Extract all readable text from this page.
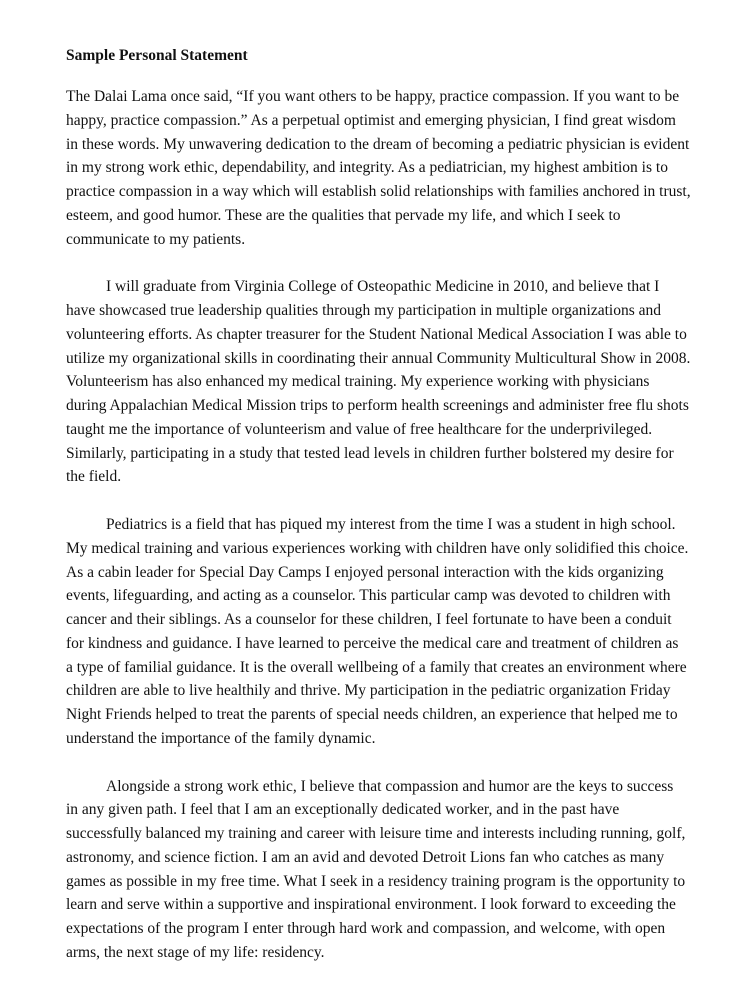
Sample Personal Statement
The Dalai Lama once said, “If you want others to be happy, practice compassion. If you want to be
happy, practice compassion.” As a perpetual optimist and emerging physician, I find great wisdom
in these words. My unwavering dedication to the dream of becoming a pediatric physician is evident
in my strong work ethic, dependability, and integrity. As a pediatrician, my highest ambition is to
practice compassion in a way which will establish solid relationships with families anchored in trust,
esteem, and good humor. These are the qualities that pervade my life, and which I seek to
communicate to my patients.
I will graduate from Virginia College of Osteopathic Medicine in 2010, and believe that I
have showcased true leadership qualities through my participation in multiple organizations and
volunteering efforts. As chapter treasurer for the Student National Medical Association I was able to
utilize my organizational skills in coordinating their annual Community Multicultural Show in 2008.
Volunteerism has also enhanced my medical training. My experience working with physicians
during Appalachian Medical Mission trips to perform health screenings and administer free flu shots
taught me the importance of volunteerism and value of free healthcare for the underprivileged.
Similarly, participating in a study that tested lead levels in children further bolstered my desire for
the field.
Pediatrics is a field that has piqued my interest from the time I was a student in high school.
My medical training and various experiences working with children have only solidified this choice.
As a cabin leader for Special Day Camps I enjoyed personal interaction with the kids organizing
events, lifeguarding, and acting as a counselor. This particular camp was devoted to children with
cancer and their siblings. As a counselor for these children, I feel fortunate to have been a conduit
for kindness and guidance. I have learned to perceive the medical care and treatment of children as
a type of familial guidance. It is the overall wellbeing of a family that creates an environment where
children are able to live healthily and thrive. My participation in the pediatric organization Friday
Night Friends helped to treat the parents of special needs children, an experience that helped me to
understand the importance of the family dynamic.
Alongside a strong work ethic, I believe that compassion and humor are the keys to success
in any given path. I feel that I am an exceptionally dedicated worker, and in the past have
successfully balanced my training and career with leisure time and interests including running, golf,
astronomy, and science fiction. I am an avid and devoted Detroit Lions fan who catches as many
games as possible in my free time. What I seek in a residency training program is the opportunity to
learn and serve within a supportive and inspirational environment. I look forward to exceeding the
expectations of the program I enter through hard work and compassion, and welcome, with open
arms, the next stage of my life: residency.
